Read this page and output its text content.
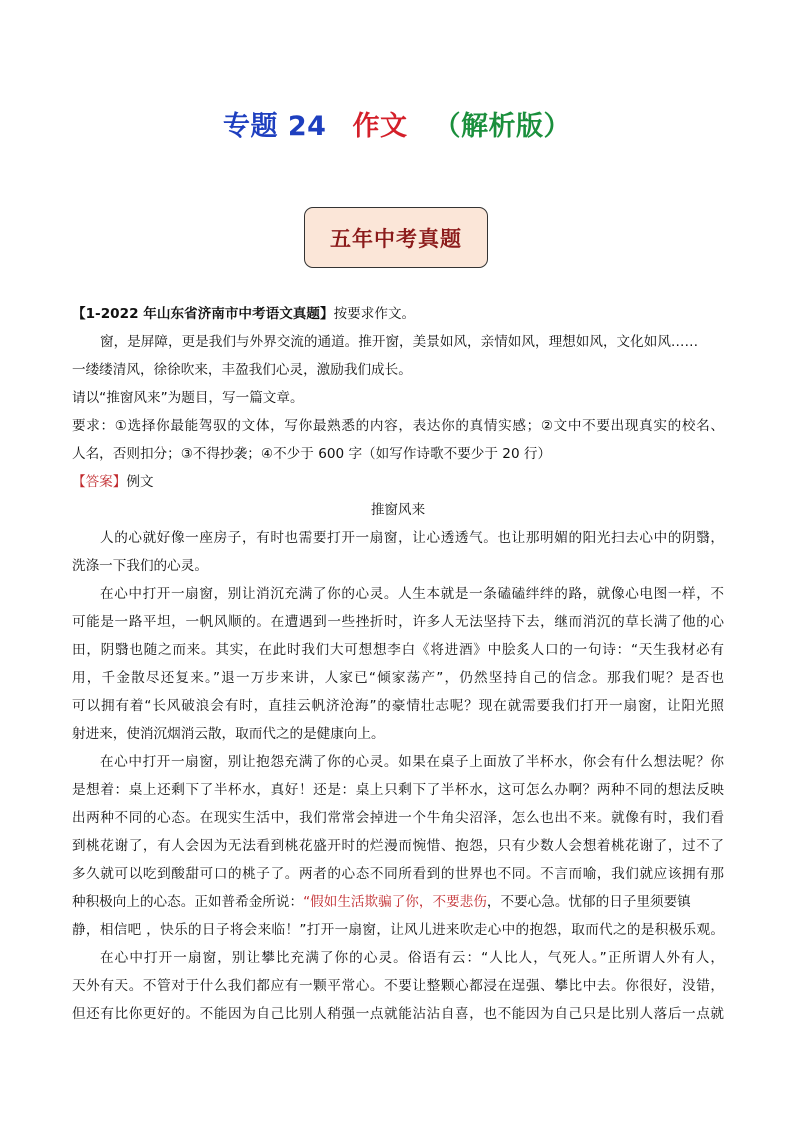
专题 24 作文 （解析版）
五年中考真题
【1-2022 年山东省济南市中考语文真题】按要求作文。
窗，是屏障，更是我们与外界交流的通道。推开窗，美景如风，亲情如风，理想如风，文化如风……
一缕缕清风，徐徐吹来，丰盈我们心灵，激励我们成长。
请以“推窗风来”为题目，写一篇文章。
要求：①选择你最能驾驭的文体，写你最熟悉的内容，表达你的真情实感；②文中不要出现真实的校名、
人名，否则扣分；③不得抄袭；④不少于 600 字（如写作诗歌不要少于 20 行）
【答案】例文
推窗风来
人的心就好像一座房子，有时也需要打开一扇窗，让心透透气。也让那明媚的阳光扫去心中的阴翳，
洗涤一下我们的心灵。
在心中打开一扇窗，别让消沉充满了你的心灵。人生本就是一条磕磕绊绊的路，就像心电图一样，不
可能是一路平坦，一帆风顺的。在遭遇到一些挫折时，许多人无法坚持下去，继而消沉的草长满了他的心
田，阴翳也随之而来。其实，在此时我们大可想想李白《将进酒》中脍炙人口的一句诗：“天生我材必有
用，千金散尽还复来。”退一万步来讲，人家已“倾家荡产”，仍然坚持自己的信念。那我们呢？是否也
可以拥有着“长风破浪会有时，直挂云帆济沧海”的豪情壮志呢？现在就需要我们打开一扇窗，让阳光照
射进来，使消沉烟消云散，取而代之的是健康向上。
在心中打开一扇窗，别让抱怨充满了你的心灵。如果在桌子上面放了半杯水，你会有什么想法呢？你
是想着：桌上还剩下了半杯水，真好！还是：桌上只剩下了半杯水，这可怎么办啊？两种不同的想法反映
出两种不同的心态。在现实生活中，我们常常会掉进一个牛角尖沼泽，怎么也出不来。就像有时，我们看
到桃花谢了，有人会因为无法看到桃花盛开时的烂漫而惋惜、抱怨，只有少数人会想着桃花谢了，过不了
多久就可以吃到酸甜可口的桃子了。两者的心态不同所看到的世界也不同。不言而喻，我们就应该拥有那
种积极向上的心态。正如普希金所说：“假如生活欺骗了你，不要悲伤，不要心急。忧郁的日子里须要镇
静，相信吧 ，快乐的日子将会来临！”打开一扇窗，让风儿进来吹走心中的抱怨，取而代之的是积极乐观。
在心中打开一扇窗，别让攀比充满了你的心灵。俗语有云：“人比人，气死人。”正所谓人外有人，
天外有天。不管对于什么我们都应有一颗平常心。不要让整颗心都浸在逞强、攀比中去。你很好，没错，
但还有比你更好的。不能因为自己比别人稍强一点就能沾沾自喜，也不能因为自己只是比别人落后一点就
